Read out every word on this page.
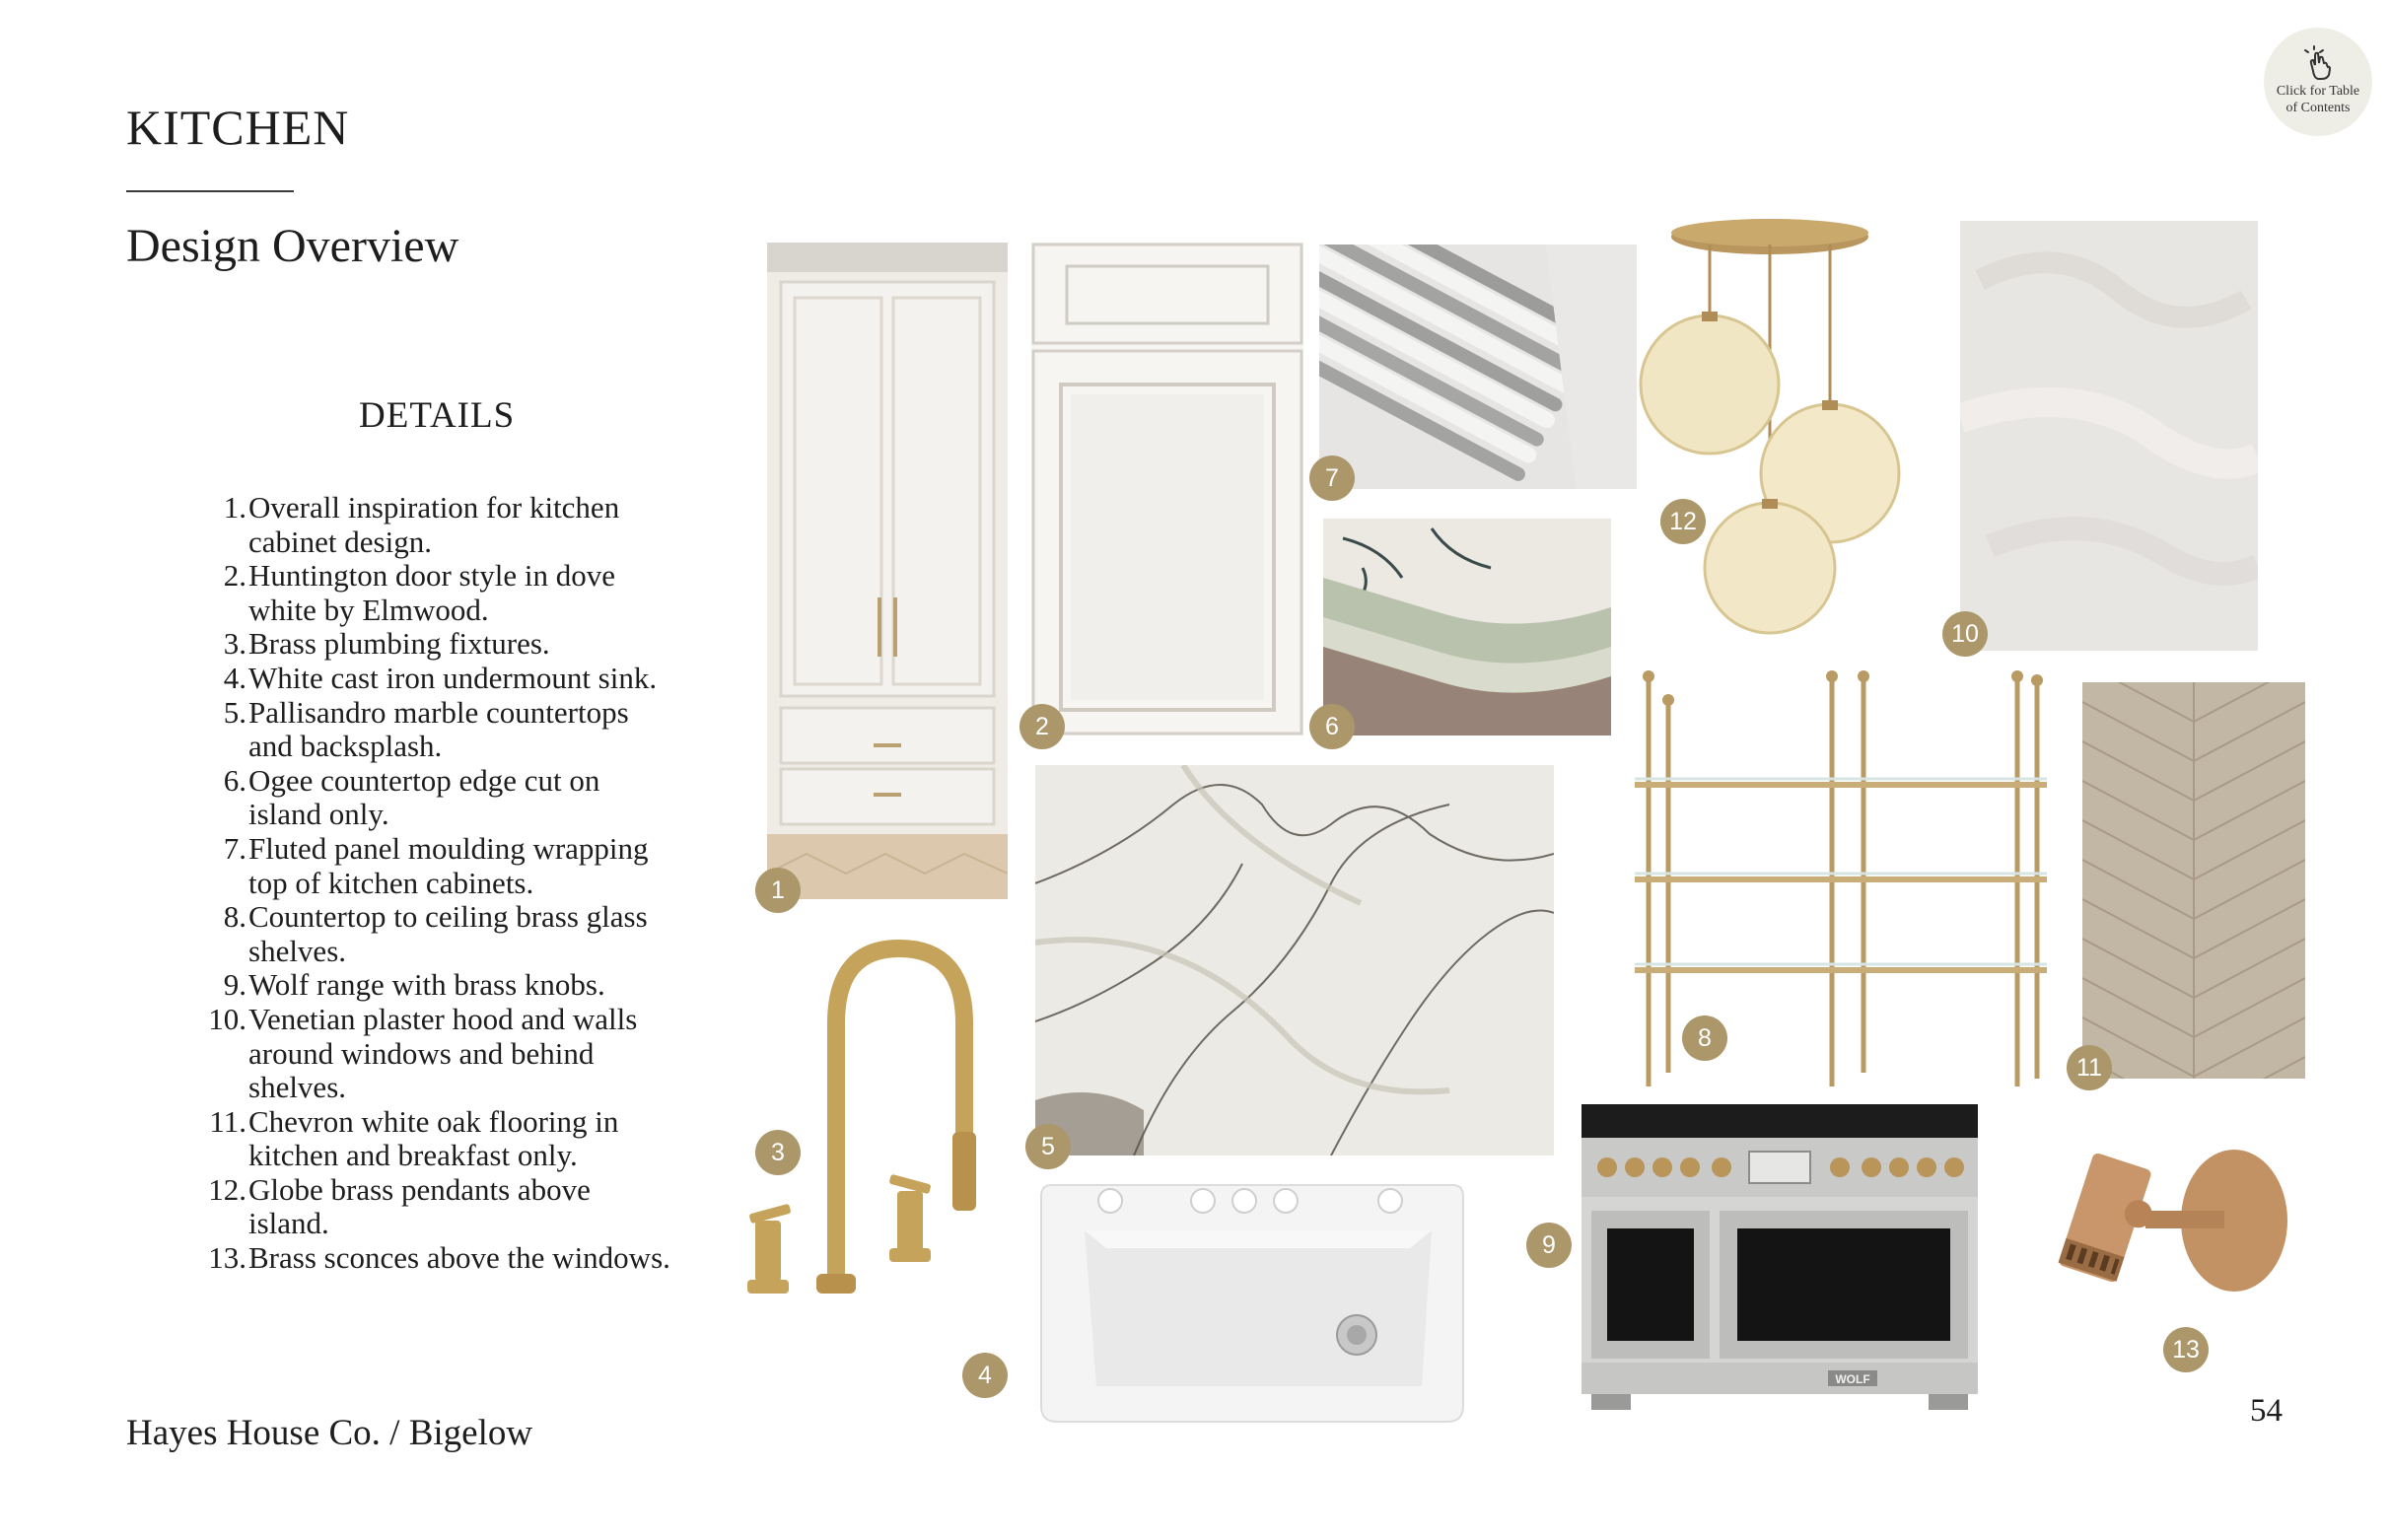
KITCHEN
Design Overview
DETAILS
1. Overall inspiration for kitchen cabinet design.
2. Huntington door style in dove white by Elmwood.
3. Brass plumbing fixtures.
4. White cast iron undermount sink.
5. Pallisandro marble countertops and backsplash.
6. Ogee countertop edge cut on island only.
7. Fluted panel moulding wrapping top of kitchen cabinets.
8. Countertop to ceiling brass glass shelves.
9. Wolf range with brass knobs.
10. Venetian plaster hood and walls around windows and behind shelves.
11. Chevron white oak flooring in kitchen and breakfast only.
12. Globe brass pendants above island.
13. Brass sconces above the windows.
Hayes House Co. / Bigelow
54
Click for Table
of Contents
WOLF
1
2
3
4
5
6
7
8
9
10
11
12
13
